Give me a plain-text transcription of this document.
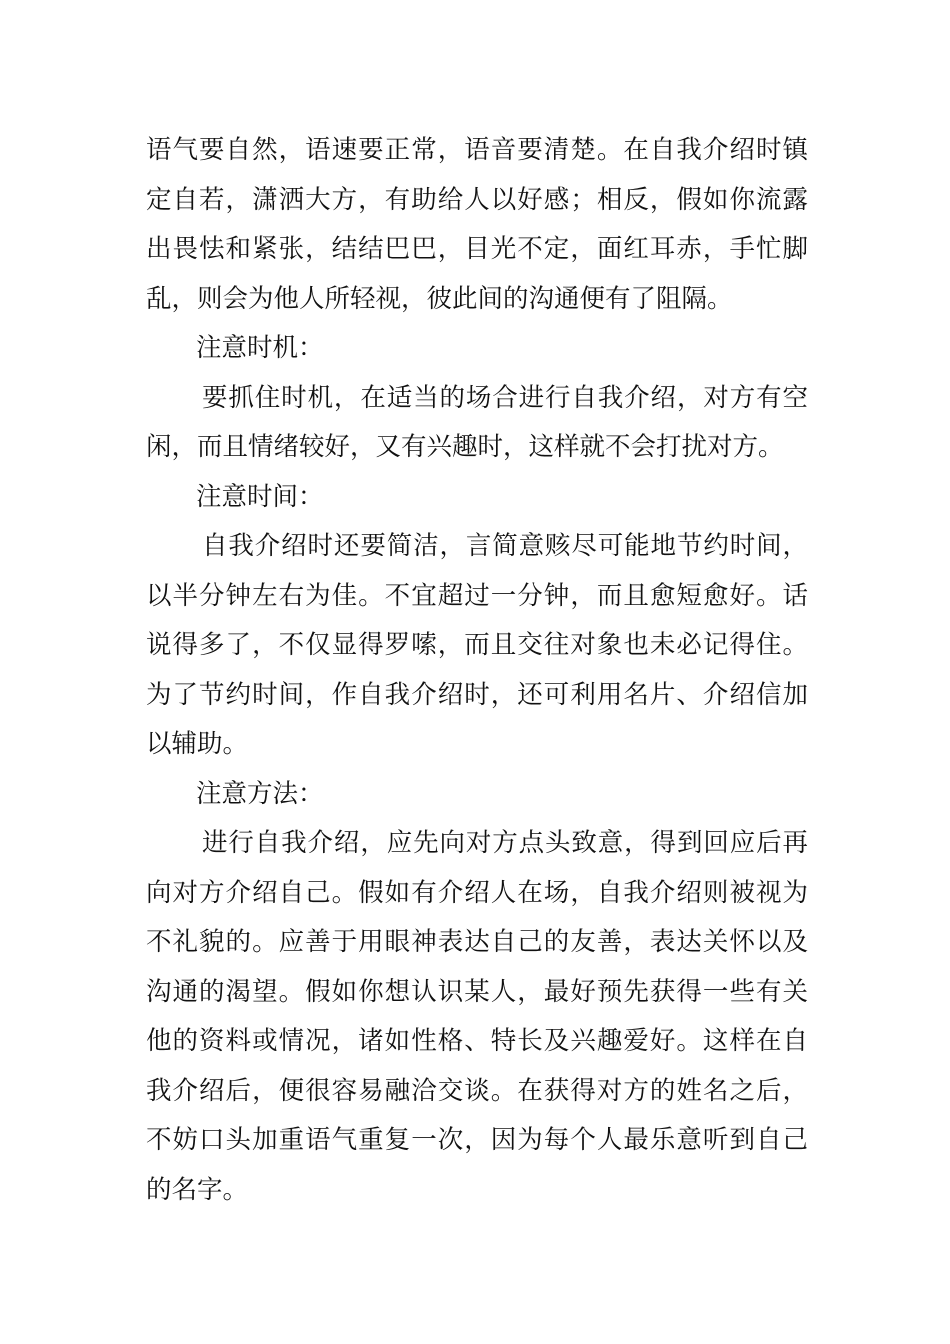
语气要自然，语速要正常，语音要清楚。在自我介绍时镇定自若，潇洒大方，有助给人以好感；相反，假如你流露出畏怯和紧张，结结巴巴，目光不定，面红耳赤，手忙脚乱，则会为他人所轻视，彼此间的沟通便有了阻隔。

注意时机：

要抓住时机，在适当的场合进行自我介绍，对方有空闲，而且情绪较好，又有兴趣时，这样就不会打扰对方。

注意时间：

自我介绍时还要简洁，言简意赅尽可能地节约时间，以半分钟左右为佳。不宜超过一分钟，而且愈短愈好。话说得多了，不仅显得罗嗦，而且交往对象也未必记得住。为了节约时间，作自我介绍时，还可利用名片、介绍信加以辅助。

注意方法：

进行自我介绍，应先向对方点头致意，得到回应后再向对方介绍自己。假如有介绍人在场，自我介绍则被视为不礼貌的。应善于用眼神表达自己的友善，表达关怀以及沟通的渴望。假如你想认识某人，最好预先获得一些有关他的资料或情况，诸如性格、特长及兴趣爱好。这样在自我介绍后，便很容易融洽交谈。在获得对方的姓名之后，不妨口头加重语气重复一次，因为每个人最乐意听到自己的名字。
